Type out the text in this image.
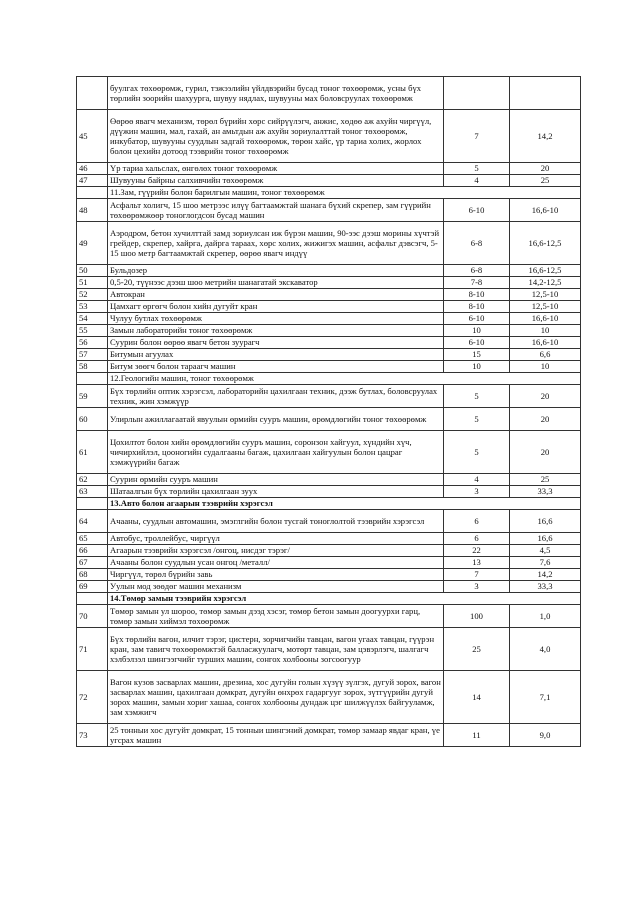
	буулгах төхөөрөмж, гурил, тэжээлийн үйлдвэрийн бусад тоног төхөөрөмж, усны бүх төрлийн зоорийн шахуурга, шувуу нядлах, шувууны мах боловсруулах төхөөрөмж		
45	Өөрөө явагч механизм, төрөл бүрийн хөрс сийрүүлэгч, анжис, хөдөө аж ахуйн чиргүүл, дүүжин машин, мал, гахай, ан амьтдын аж ахуйн зориулалттай тоног төхөөрөмж, инкубатор, шувууны суудлын задгай төхөөрөмж, төрөн хайс, үр тариа холих, жорлох болон цехийн дотоод тээврийн тоног төхөөрөмж	7	14,2
46	Үр тариа хальслах, өнгөлөх тоног төхөөрөмж	5	20
47	Шувууны байрны салхивчийн төхөөрөмж	4	25
	11.Зам, гүүрийн болон барилгын машин, тоног төхөөрөмж		
48	Асфальт холигч, 15 шоо метрээс илүү багтаамжтай шанага бүхий скрепер, зам гүүрийн төхөөрөмжөөр тоноглогдсон бусад машин	6-10	16,6-10
49	Аэродром, бетон хучилттай замд зориулсан иж бүрэн машин, 90-ээс дээш морины хүчтэй грейдер, скрепер, хайрга, дайрга тараах, хөрс холих, жижигэх машин, асфальт дэвсэгч, 5-15 шоо метр багтаамжтай скрепер, өөрөө явагч индүү	6-8	16,6-12,5
50	Бульдозер	6-8	16,6-12,5
51	0,5-20, түүнээс дээш шоо метрийн шанагатай экскаватор	7-8	14,2-12,5
52	Автокран	8-10	12,5-10
53	Цамхагт өргөгч болон хийн дугуйт кран	8-10	12,5-10
54	Чулуу бутлах төхөөрөмж	6-10	16,6-10
55	Замын лабораторийн тоног төхөөрөмж	10	10
56	Суурин болон өөрөө явагч бетон зуурагч	6-10	16,6-10
57	Битумын агуулах	15	6,6
58	Битум зөөгч болон тараагч машин	10	10
	12.Геологийн машин, тоног төхөөрөмж		
59	Бүх төрлийн оптик хэрэгсэл, лабораторийн цахилгаан техник, дээж бутлах, боловсруулах техник, жин хэмжүүр	5	20
60	Улирлын ажиллагаатай явуулын өрмийн сууръ машин, өрөмдлөгийн тоног төхөөрөмж	5	20
61	Цохилтот болон хийн өрөмдлөгийн сууръ машин, соронзон хайгуул, хүндийн хүч, чичирхийлэл, цооногийн судалгааны багаж, цахилгаан хайгуулын болон цацраг хэмжүүрийн багаж	5	20
62	Суурин өрмийн сууръ машин	4	25
63	Шатаалгын бүх төрлийн цахилгаан зуух	3	33,3
	13.Авто болон агаарын тээврийн хэрэгсэл		
64	Ачааны, суудлын автомашин, эмэглгийн болон тусгай тоноглолтой тээврийн хэрэгсэл	6	16,6
65	Автобус, троллейбус, чиргүүл	6	16,6
66	Агаарын тээврийн хэрэгсэл /онгоц, нисдэг тэрэг/	22	4,5
67	Ачааны болон суудлын усан онгоц /металл/	13	7,6
68	Чиргүүл, төрөл бүрийн завь	7	14,2
69	Уулын мод зөөдөг машин механизм	3	33,3
	14.Төмөр замын тээврийн хэрэгсэл		
70	Төмөр замын ул шороо, төмөр замын дээд хэсэг, төмөр бетон замын доогуурхи гарц, төмөр замын хиймэл төхөөрөмж	100	1,0
71	Бүх төрлийн вагон, илчит тэрэг, цистерн, зорчигчийн тавцан, вагон угаах тавцан, гүүрэн кран, зам тавигч төхөөрөмжтэй балласжуулагч, мотөрт тавцан, зам цэвэрлэгч, шалгагч хэлбэлзэл шингээгчийг туршиx машин, сонгох холбооны зогсоогуур	25	4,0
72	Вагон кузов засварлах машин, дрезина, хос дугуйн голын хүзүү зүлгэх, дугуй зорох, вагон засварлах машин, цахилгаан домкрат, дугуйн өнхрөх гадаргууг зорох, зүтгүүрийн дугуй зорох машин, замын хориг хашаа, сонгох холбооны дундаж цэг шилжүүлэх байгууламж, зам хэмжигч	14	7,1
73	25 тонныи хос дугуйт домкрат, 15 тонныи шингэний домкрат, төмөр замаар явдаг кран, үе угсрах машин	11	9,0
